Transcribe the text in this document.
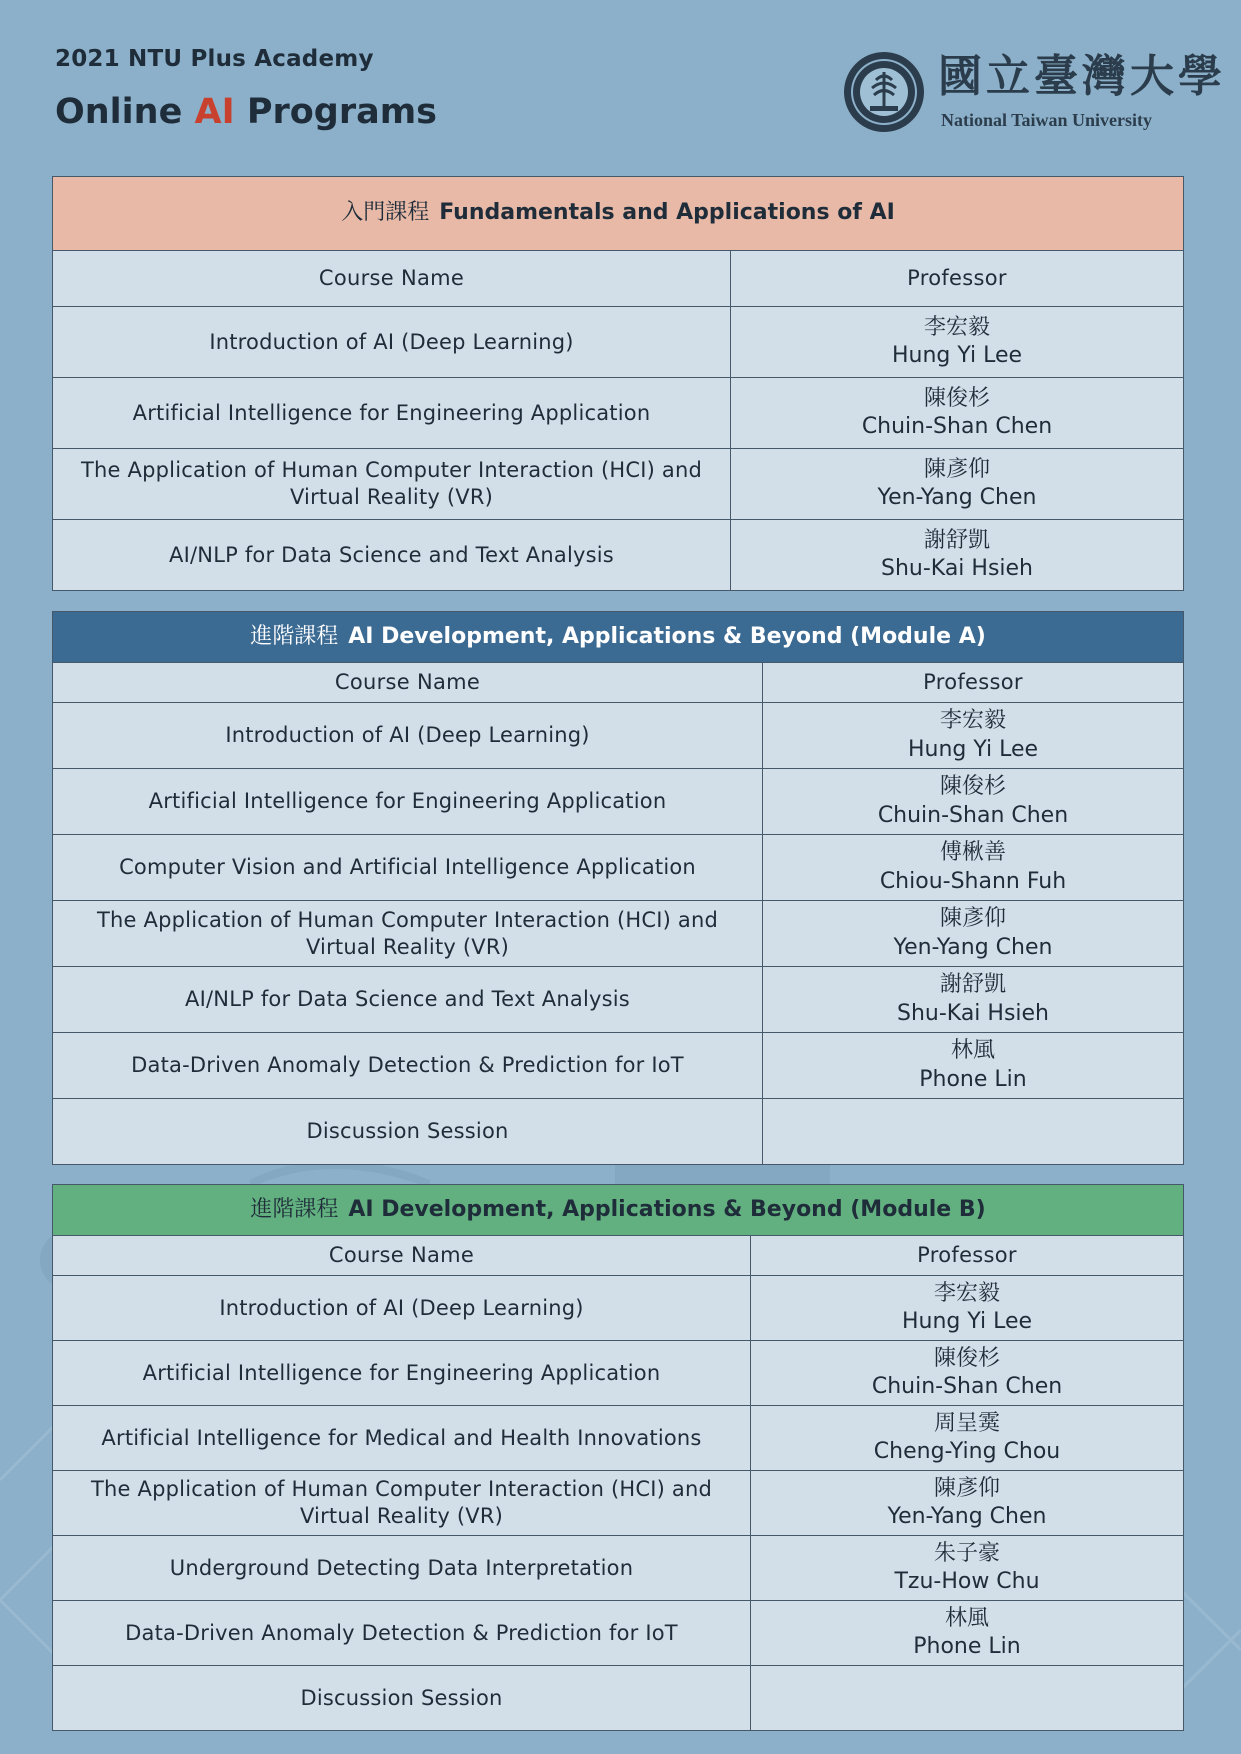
2021 NTU Plus Academy
Online AI Programs
國立臺灣大學
National Taiwan University
入門課程 Fundamentals and Applications of AI	
Course Name	Professor
Introduction of AI (Deep Learning)	李宏毅
Hung Yi Lee

Artificial Intelligence for Engineering Application	陳俊杉
Chuin-Shan Chen

The Application of Human Computer Interaction (HCI) and Virtual Reality (VR)	陳彥仰
Yen-Yang Chen

AI/NLP for Data Science and Text Analysis	謝舒凱
Shu-Kai Hsieh
進階課程 AI Development, Applications & Beyond (Module A)	
Course Name	Professor
Introduction of AI (Deep Learning)	李宏毅
Hung Yi Lee

Artificial Intelligence for Engineering Application	陳俊杉
Chuin-Shan Chen

Computer Vision and Artificial Intelligence Application	傅楸善
Chiou-Shann Fuh

The Application of Human Computer Interaction (HCI) and Virtual Reality (VR)	陳彥仰
Yen-Yang Chen

AI/NLP for Data Science and Text Analysis	謝舒凱
Shu-Kai Hsieh

Data-Driven Anomaly Detection & Prediction for IoT	林風
Phone Lin

Discussion Session	
進階課程 AI Development, Applications & Beyond (Module B)	
Course Name	Professor
Introduction of AI (Deep Learning)	李宏毅
Hung Yi Lee

Artificial Intelligence for Engineering Application	陳俊杉
Chuin-Shan Chen

Artificial Intelligence for Medical and Health Innovations	周呈霙
Cheng-Ying Chou

The Application of Human Computer Interaction (HCI) and Virtual Reality (VR)	陳彥仰
Yen-Yang Chen

Underground Detecting Data Interpretation	朱子豪
Tzu-How Chu

Data-Driven Anomaly Detection & Prediction for IoT	林風
Phone Lin

Discussion Session	
